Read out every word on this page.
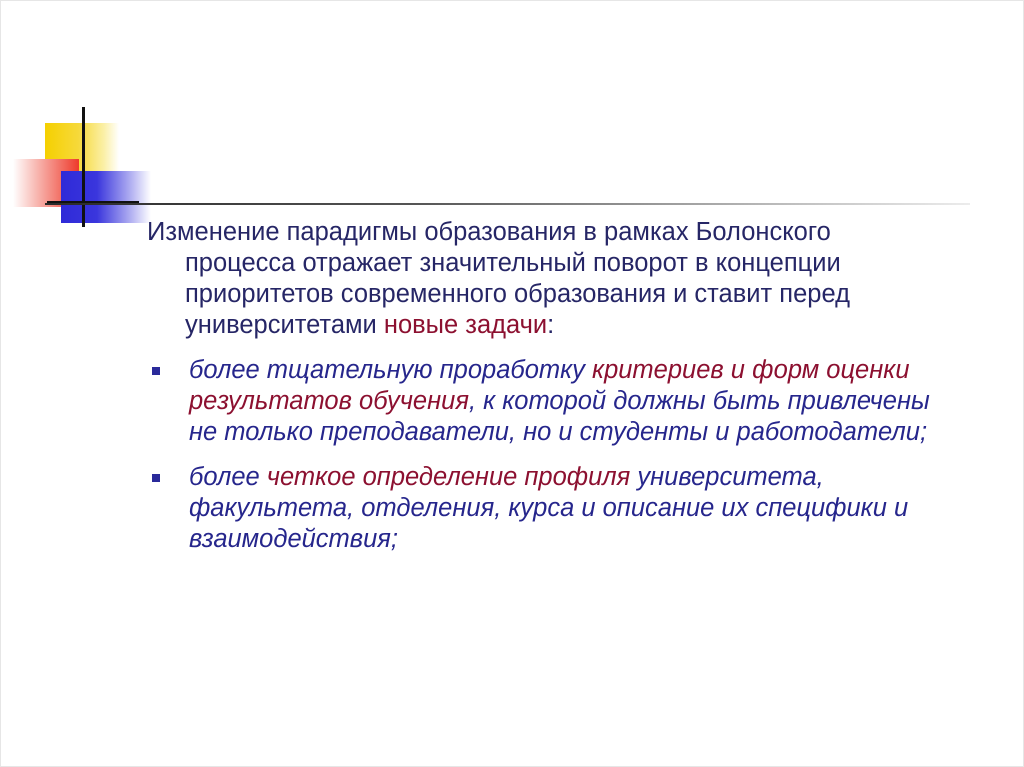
Изменение парадигмы образования в рамках Болонского процесса отражает значительный поворот в концепции приоритетов современного образования и ставит перед университетами новые задачи:

более тщательную проработку критериев и форм оценки результатов обучения, к которой должны быть привлечены не только преподаватели, но и студенты и работодатели;
более четкое определение профиля университета, факультета, отделения, курса и описание их специфики и взаимодействия;
